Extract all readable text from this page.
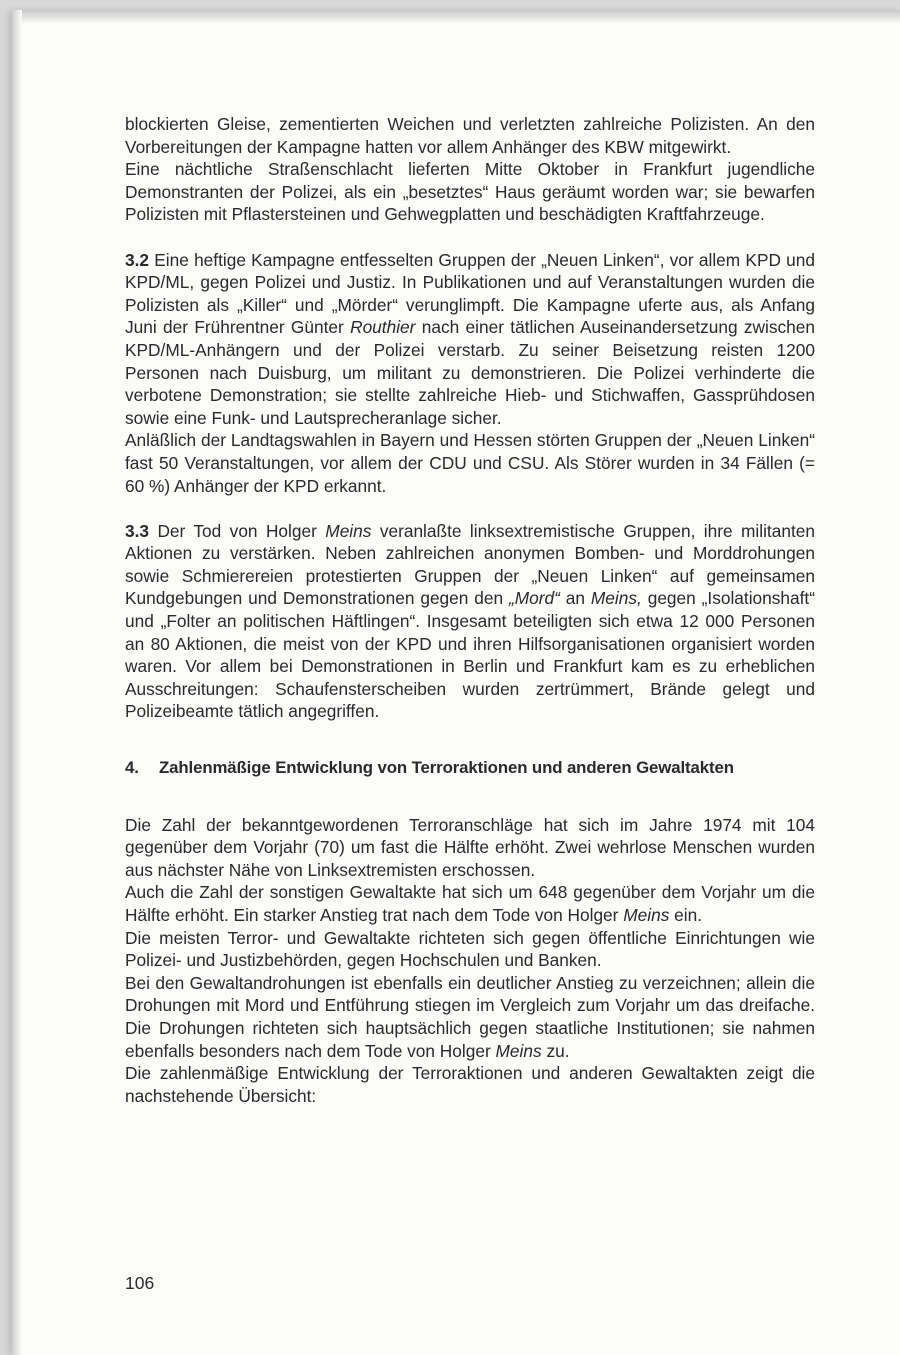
blockierten Gleise, zementierten Weichen und verletzten zahlreiche Polizisten. An den Vorbereitungen der Kampagne hatten vor allem Anhänger des KBW mitgewirkt.

Eine nächtliche Straßenschlacht lieferten Mitte Oktober in Frankfurt jugendliche Demonstranten der Polizei, als ein „besetztes“ Haus geräumt worden war; sie bewarfen Polizisten mit Pflastersteinen und Gehwegplatten und beschädigten Kraftfahrzeuge.

3.2 Eine heftige Kampagne entfesselten Gruppen der „Neuen Linken“, vor allem KPD und KPD/ML, gegen Polizei und Justiz. In Publikationen und auf Veranstaltungen wurden die Polizisten als „Killer“ und „Mörder“ verunglimpft. Die Kampagne uferte aus, als Anfang Juni der Frührentner Günter Routhier nach einer tätlichen Auseinandersetzung zwischen KPD/ML-Anhängern und der Polizei verstarb. Zu seiner Beisetzung reisten 1200 Personen nach Duisburg, um militant zu demonstrieren. Die Polizei verhinderte die verbotene Demonstration; sie stellte zahlreiche Hieb- und Stichwaffen, Gassprühdosen sowie eine Funk- und Lautsprecheranlage sicher.

Anläßlich der Landtagswahlen in Bayern und Hessen störten Gruppen der „Neuen Linken“ fast 50 Veranstaltungen, vor allem der CDU und CSU. Als Störer wurden in 34 Fällen (= 60 %) Anhänger der KPD erkannt.

3.3 Der Tod von Holger Meins veranlaßte linksextremistische Gruppen, ihre militanten Aktionen zu verstärken. Neben zahlreichen anonymen Bomben- und Morddrohungen sowie Schmierereien protestierten Gruppen der „Neuen Linken“ auf gemeinsamen Kundgebungen und Demonstrationen gegen den „Mord“ an Meins, gegen „Isolationshaft“ und „Folter an politischen Häftlingen“. Insgesamt beteiligten sich etwa 12 000 Personen an 80 Aktionen, die meist von der KPD und ihren Hilfsorganisationen organisiert worden waren. Vor allem bei Demonstrationen in Berlin und Frankfurt kam es zu erheblichen Ausschreitungen: Schaufensterscheiben wurden zertrümmert, Brände gelegt und Polizeibeamte tätlich angegriffen.

4. Zahlenmäßige Entwicklung von Terroraktionen und anderen Gewaltakten

Die Zahl der bekanntgewordenen Terroranschläge hat sich im Jahre 1974 mit 104 gegenüber dem Vorjahr (70) um fast die Hälfte erhöht. Zwei wehrlose Menschen wurden aus nächster Nähe von Linksextremisten erschossen.

Auch die Zahl der sonstigen Gewaltakte hat sich um 648 gegenüber dem Vorjahr um die Hälfte erhöht. Ein starker Anstieg trat nach dem Tode von Holger Meins ein.

Die meisten Terror- und Gewaltakte richteten sich gegen öffentliche Einrichtungen wie Polizei- und Justizbehörden, gegen Hochschulen und Banken.

Bei den Gewaltandrohungen ist ebenfalls ein deutlicher Anstieg zu verzeichnen; allein die Drohungen mit Mord und Entführung stiegen im Vergleich zum Vorjahr um das dreifache. Die Drohungen richteten sich hauptsächlich gegen staatliche Institutionen; sie nahmen ebenfalls besonders nach dem Tode von Holger Meins zu.

Die zahlenmäßige Entwicklung der Terroraktionen und anderen Gewaltakten zeigt die nachstehende Übersicht:

106
